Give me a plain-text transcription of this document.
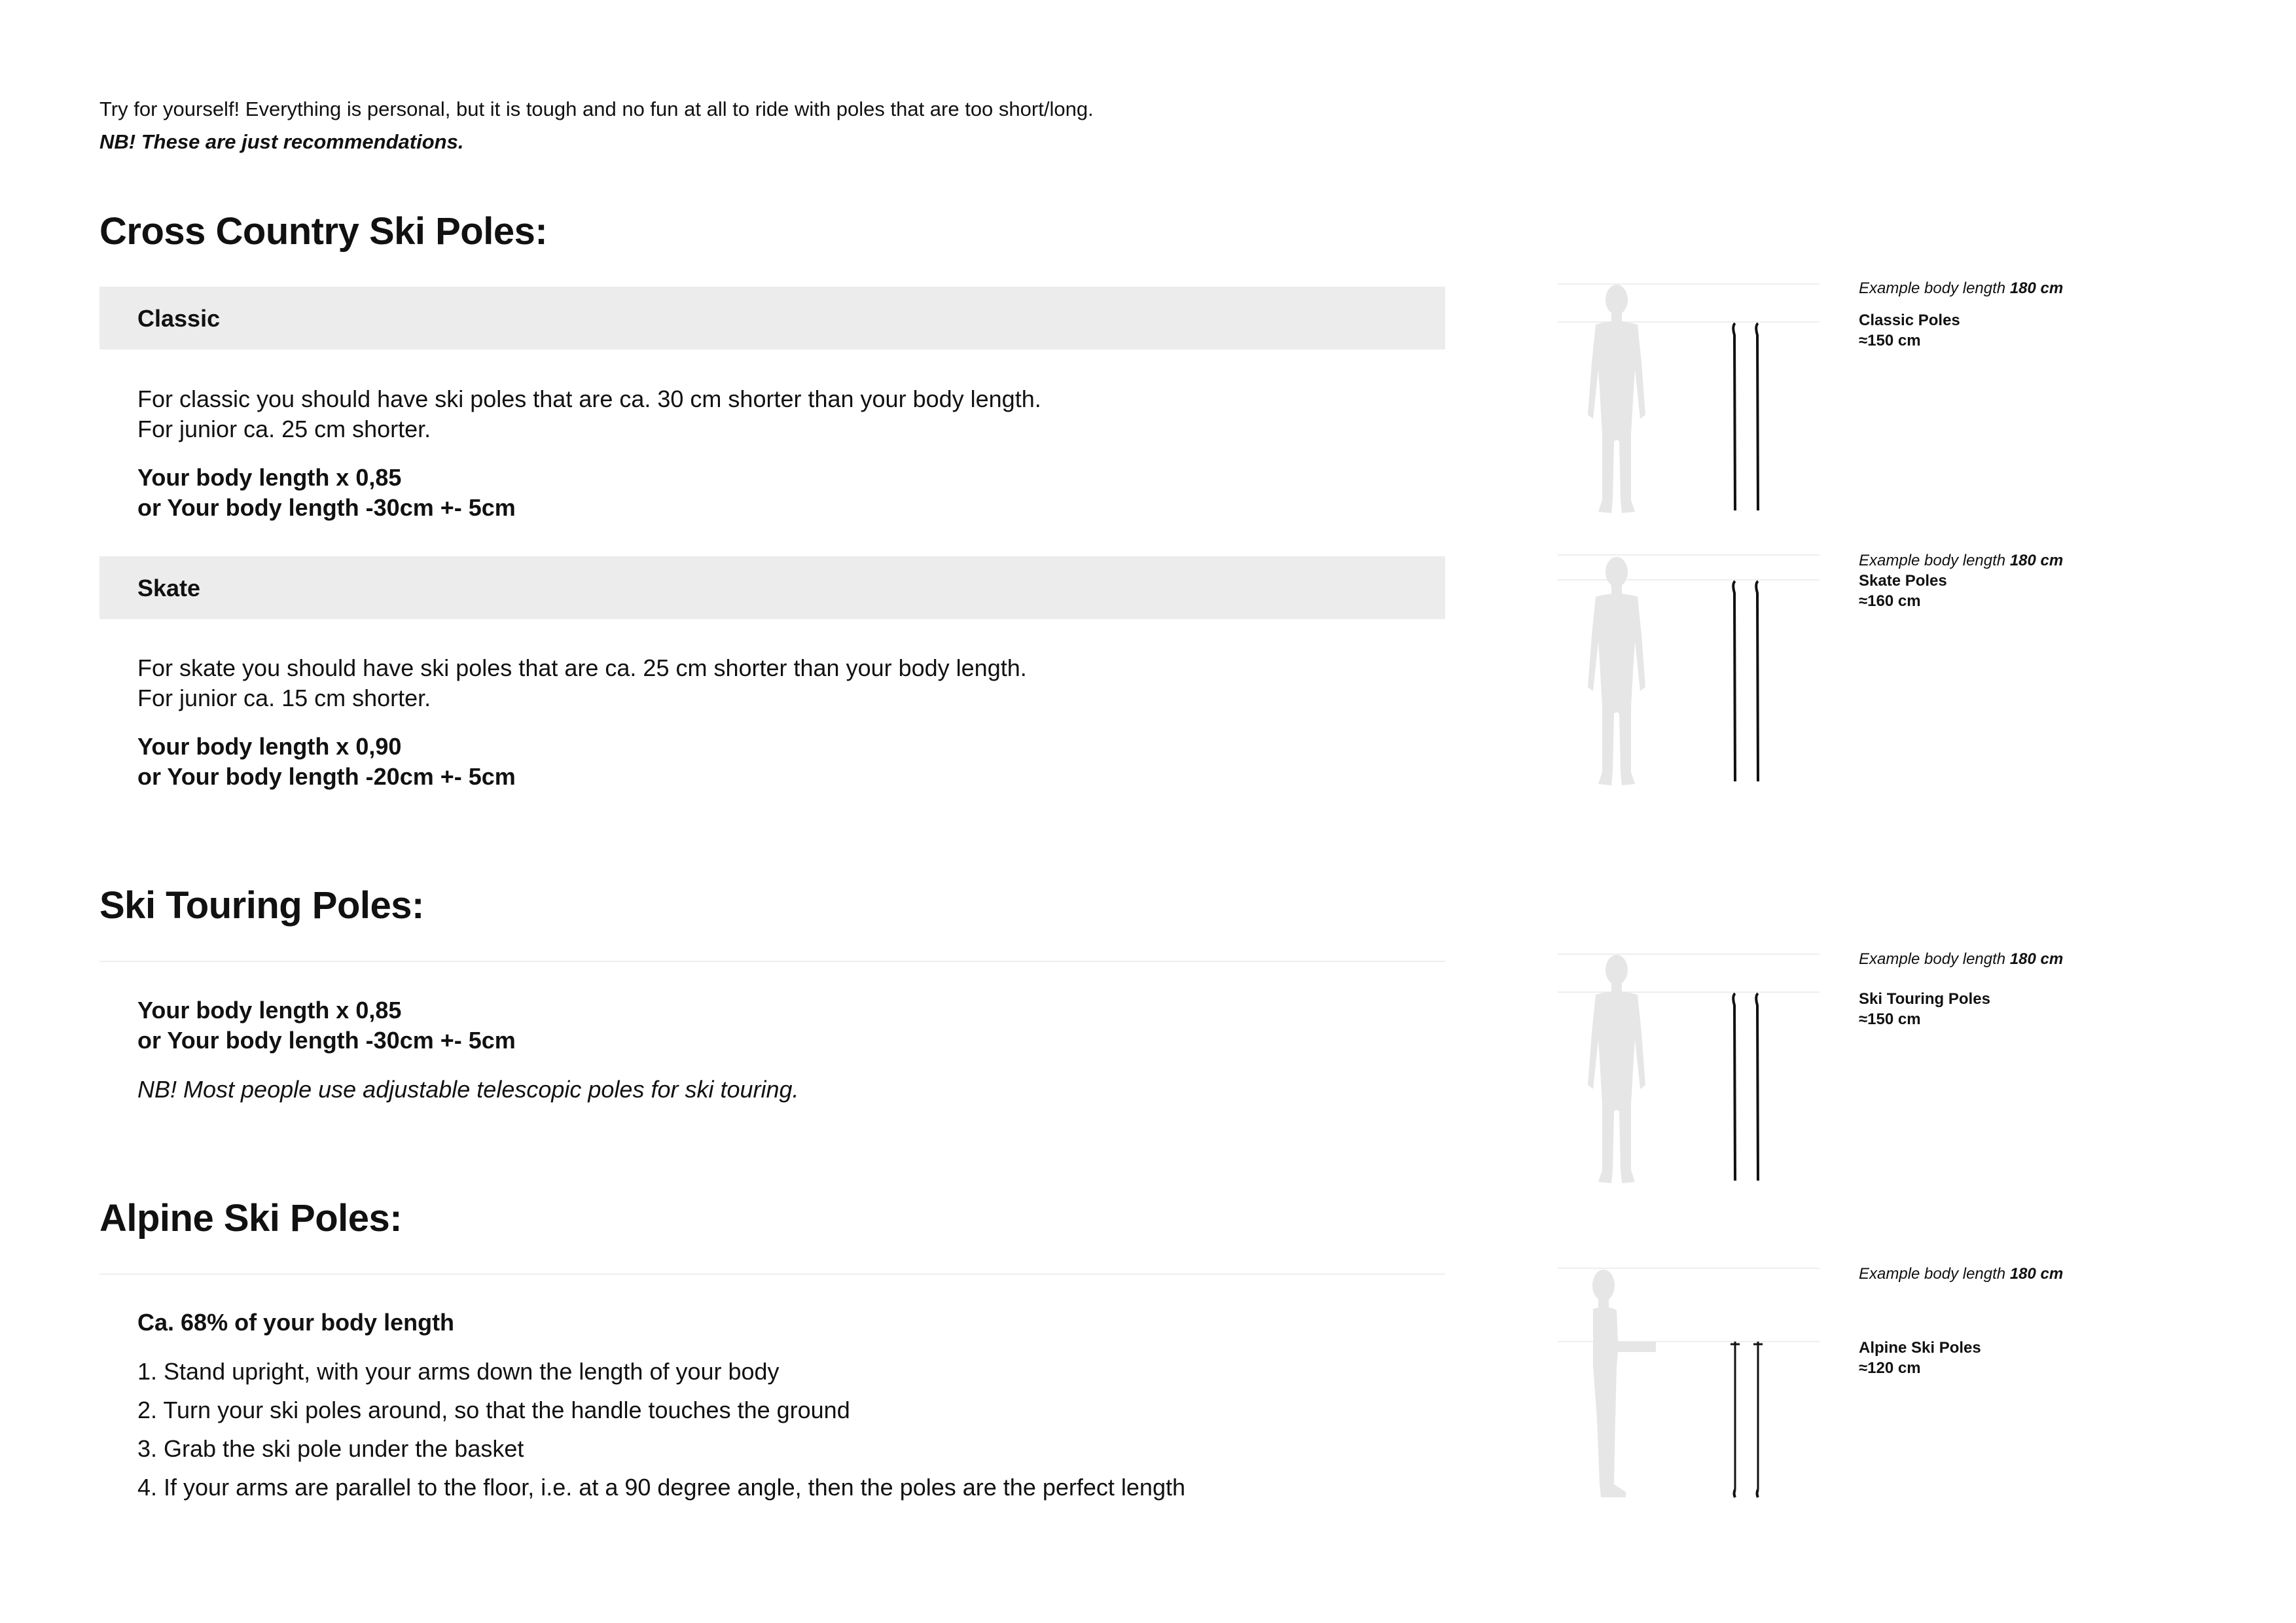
Try for yourself! Everything is personal, but it is tough and no fun at all to ride with poles that are too short/long.
NB! These are just recommendations.
Cross Country Ski Poles:
Classic
For classic you should have ski poles that are ca. 30 cm shorter than your body length.
For junior ca. 25 cm shorter.
Your body length x 0,85
or Your body length -30cm +- 5cm
Skate
For skate you should have ski poles that are ca. 25 cm shorter than your body length.
For junior ca. 15 cm shorter.
Your body length x 0,90
or Your body length -20cm +- 5cm
Ski Touring Poles:
Your body length x 0,85
or Your body length -30cm +- 5cm
NB! Most people use adjustable telescopic poles for ski touring.
Alpine Ski Poles:
Ca. 68% of your body length
1. Stand upright, with your arms down the length of your body
2. Turn your ski poles around, so that the handle touches the ground
3. Grab the ski pole under the basket
4. If your arms are parallel to the floor, i.e. at a 90 degree angle, then the poles are the perfect length
Example body length 180 cm
Classic Poles
≈150 cm
Example body length 180 cm
Skate Poles
≈160 cm
Example body length 180 cm
Ski Touring Poles
≈150 cm
Example body length 180 cm
Alpine Ski Poles
≈120 cm
